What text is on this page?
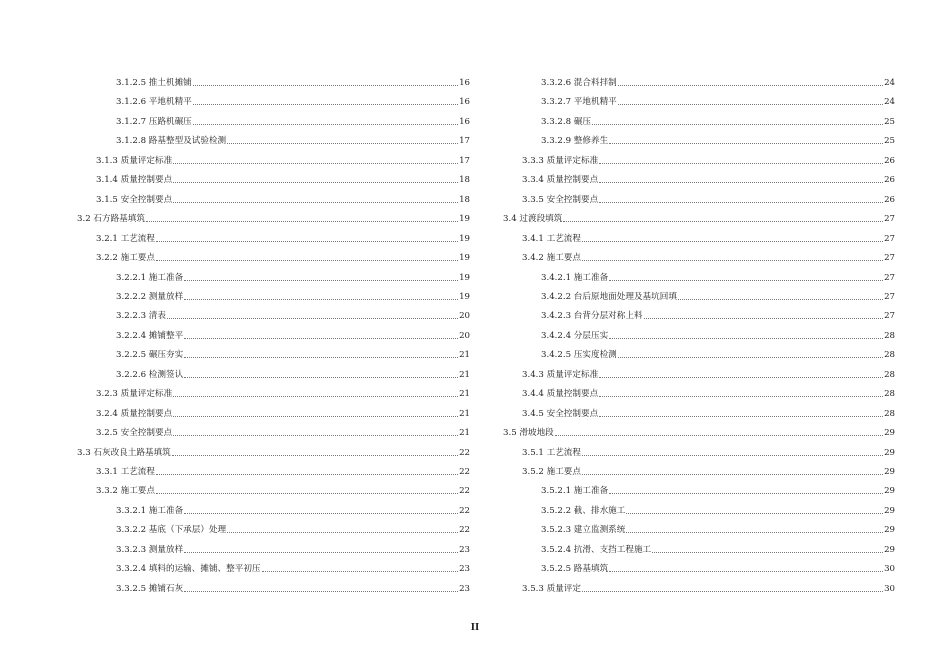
3.1.2.5 推土机摊铺	16
3.1.2.6 平地机精平	16
3.1.2.7 压路机碾压	16
3.1.2.8 路基整型及试验检测	17
3.1.3 质量评定标准	17
3.1.4 质量控制要点	18
3.1.5 安全控制要点	18
3.2 石方路基填筑	19
3.2.1 工艺流程	19
3.2.2 施工要点	19
3.2.2.1 施工准备	19
3.2.2.2 测量放样	19
3.2.2.3 清表	20
3.2.2.4 摊铺整平	20
3.2.2.5 碾压夯实	21
3.2.2.6 检测签认	21
3.2.3 质量评定标准	21
3.2.4 质量控制要点	21
3.2.5 安全控制要点	21
3.3 石灰改良土路基填筑	22
3.3.1 工艺流程	22
3.3.2 施工要点	22
3.3.2.1 施工准备	22
3.3.2.2 基底（下承层）处理	22
3.3.2.3 测量放样	23
3.3.2.4 填料的运输、摊铺、整平初压	23
3.3.2.5 摊铺石灰	23
3.3.2.6 混合料拌制	24
3.3.2.7 平地机精平	24
3.3.2.8 碾压	25
3.3.2.9 整修养生	25
3.3.3 质量评定标准	26
3.3.4 质量控制要点	26
3.3.5 安全控制要点	26
3.4 过渡段填筑	27
3.4.1 工艺流程	27
3.4.2 施工要点	27
3.4.2.1 施工准备	27
3.4.2.2 台后原地面处理及基坑回填	27
3.4.2.3 台背分层对称上料	27
3.4.2.4 分层压实	28
3.4.2.5 压实度检测	28
3.4.3 质量评定标准	28
3.4.4 质量控制要点	28
3.4.5 安全控制要点	28
3.5 滑坡地段	29
3.5.1 工艺流程	29
3.5.2 施工要点	29
3.5.2.1 施工准备	29
3.5.2.2 截、排水施工	29
3.5.2.3 建立监测系统	29
3.5.2.4 抗滑、支挡工程施工	29
3.5.2.5 路基填筑	30
3.5.3 质量评定	30
II
